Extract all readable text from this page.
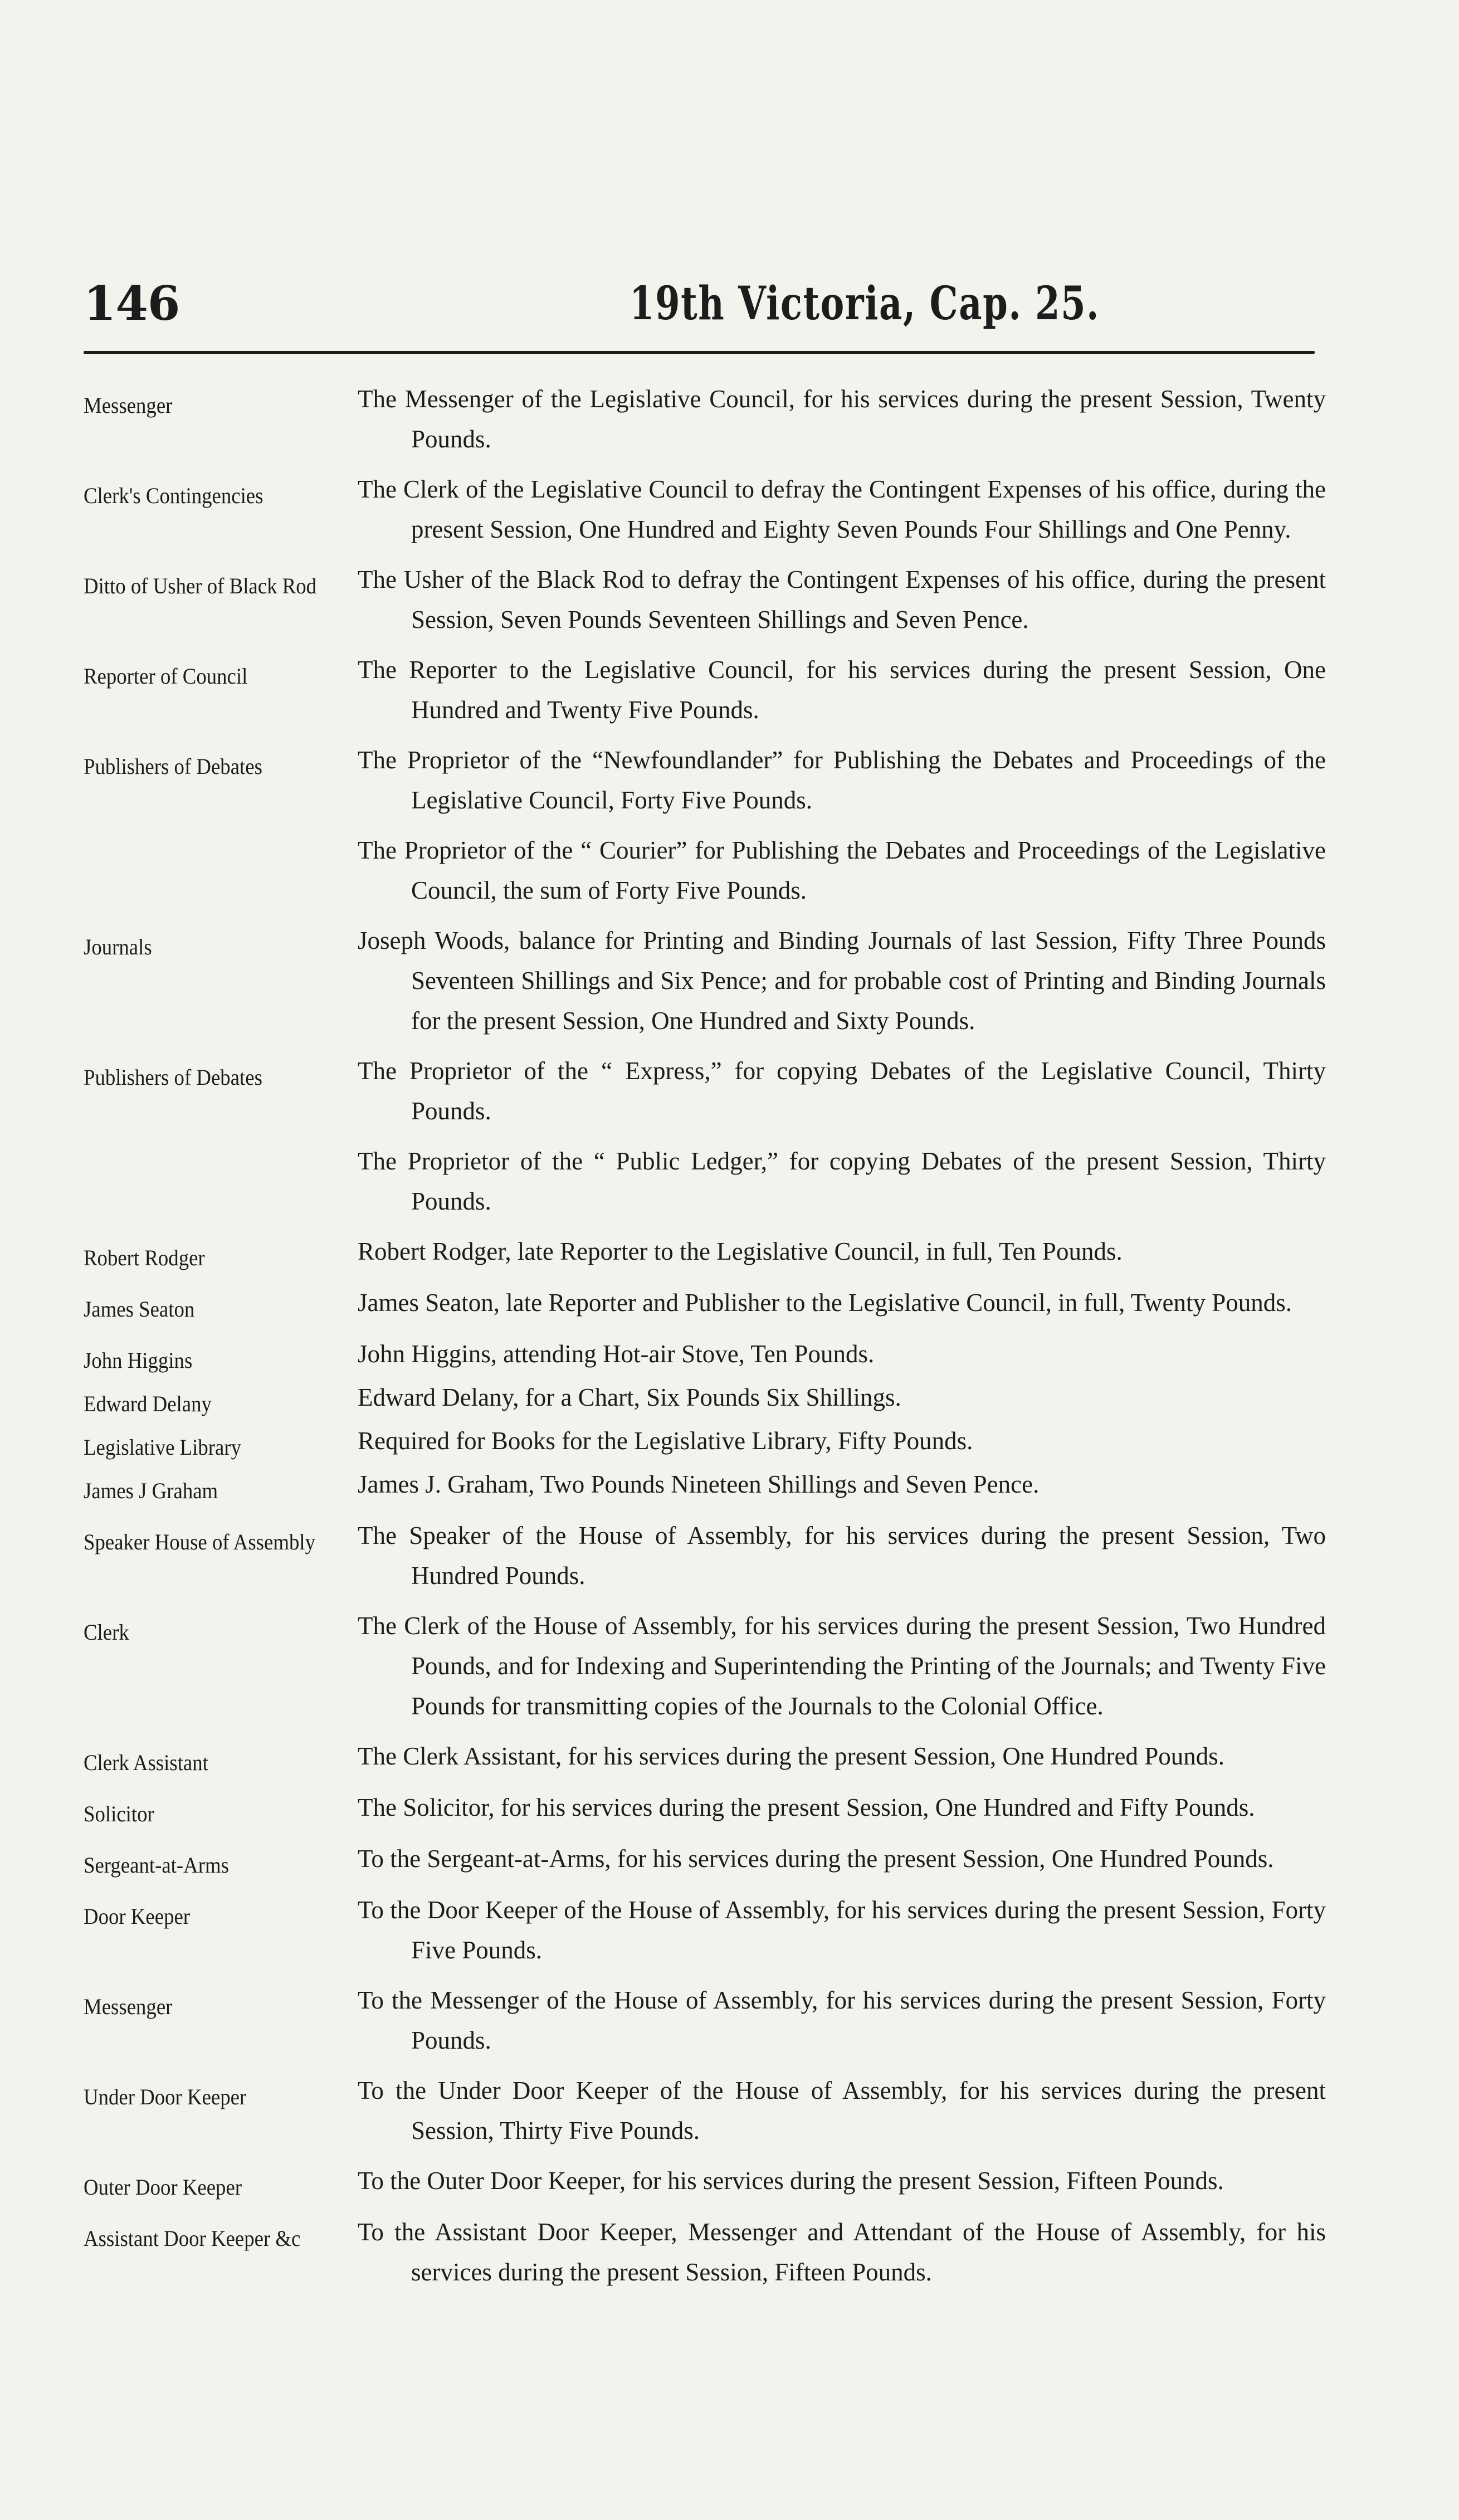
146	19th Victoria, Cap. 25.
Messenger	The Messenger of the Legislative Council, for his services during the present Session, Twenty Pounds.
Clerk's Contingencies	The Clerk of the Legislative Council to defray the Contingent Expenses of his office, during the present Session, One Hundred and Eighty Seven Pounds Four Shillings and One Penny.
Ditto of Usher of Black Rod	The Usher of the Black Rod to defray the Contingent Expenses of his office, during the present Session, Seven Pounds Seventeen Shillings and Seven Pence.
Reporter of Council	The Reporter to the Legislative Council, for his services during the present Session, One Hundred and Twenty Five Pounds.
Publishers of Debates	The Proprietor of the “Newfoundlander” for Publishing the Debates and Proceedings of the Legislative Council, Forty Five Pounds.
The Proprietor of the “ Courier” for Publishing the Debates and Proceedings of the Legislative Council, the sum of Forty Five Pounds.
Journals	Joseph Woods, balance for Printing and Binding Journals of last Session, Fifty Three Pounds Seventeen Shillings and Six Pence; and for probable cost of Printing and Binding Journals for the present Session, One Hundred and Sixty Pounds.
Publishers of Debates	The Proprietor of the “ Express,” for copying Debates of the Legislative Council, Thirty Pounds.
The Proprietor of the “ Public Ledger,” for copying Debates of the present Session, Thirty Pounds.
Robert Rodger	Robert Rodger, late Reporter to the Legislative Council, in full, Ten Pounds.
James Seaton	James Seaton, late Reporter and Publisher to the Legislative Council, in full, Twenty Pounds.
John Higgins	John Higgins, attending Hot-air Stove, Ten Pounds.
Edward Delany	Edward Delany, for a Chart, Six Pounds Six Shillings.
Legislative Library	Required for Books for the Legislative Library, Fifty Pounds.
James J Graham	James J. Graham, Two Pounds Nineteen Shillings and Seven Pence.
Speaker House of Assembly	The Speaker of the House of Assembly, for his services during the present Session, Two Hundred Pounds.
Clerk	The Clerk of the House of Assembly, for his services during the present Session, Two Hundred Pounds, and for Indexing and Superintending the Printing of the Journals; and Twenty Five Pounds for transmitting copies of the Journals to the Colonial Office.
Clerk Assistant	The Clerk Assistant, for his services during the present Session, One Hundred Pounds.
Solicitor	The Solicitor, for his services during the present Session, One Hundred and Fifty Pounds.
Sergeant-at-Arms	To the Sergeant-at-Arms, for his services during the present Session, One Hundred Pounds.
Door Keeper	To the Door Keeper of the House of Assembly, for his services during the present Session, Forty Five Pounds.
Messenger	To the Messenger of the House of Assembly, for his services during the present Session, Forty Pounds.
Under Door Keeper	To the Under Door Keeper of the House of Assembly, for his services during the present Session, Thirty Five Pounds.
Outer Door Keeper	To the Outer Door Keeper, for his services during the present Session, Fifteen Pounds.
Assistant Door Keeper &c	To the Assistant Door Keeper, Messenger and Attendant of the House of Assembly, for his services during the present Session, Fifteen Pounds.
